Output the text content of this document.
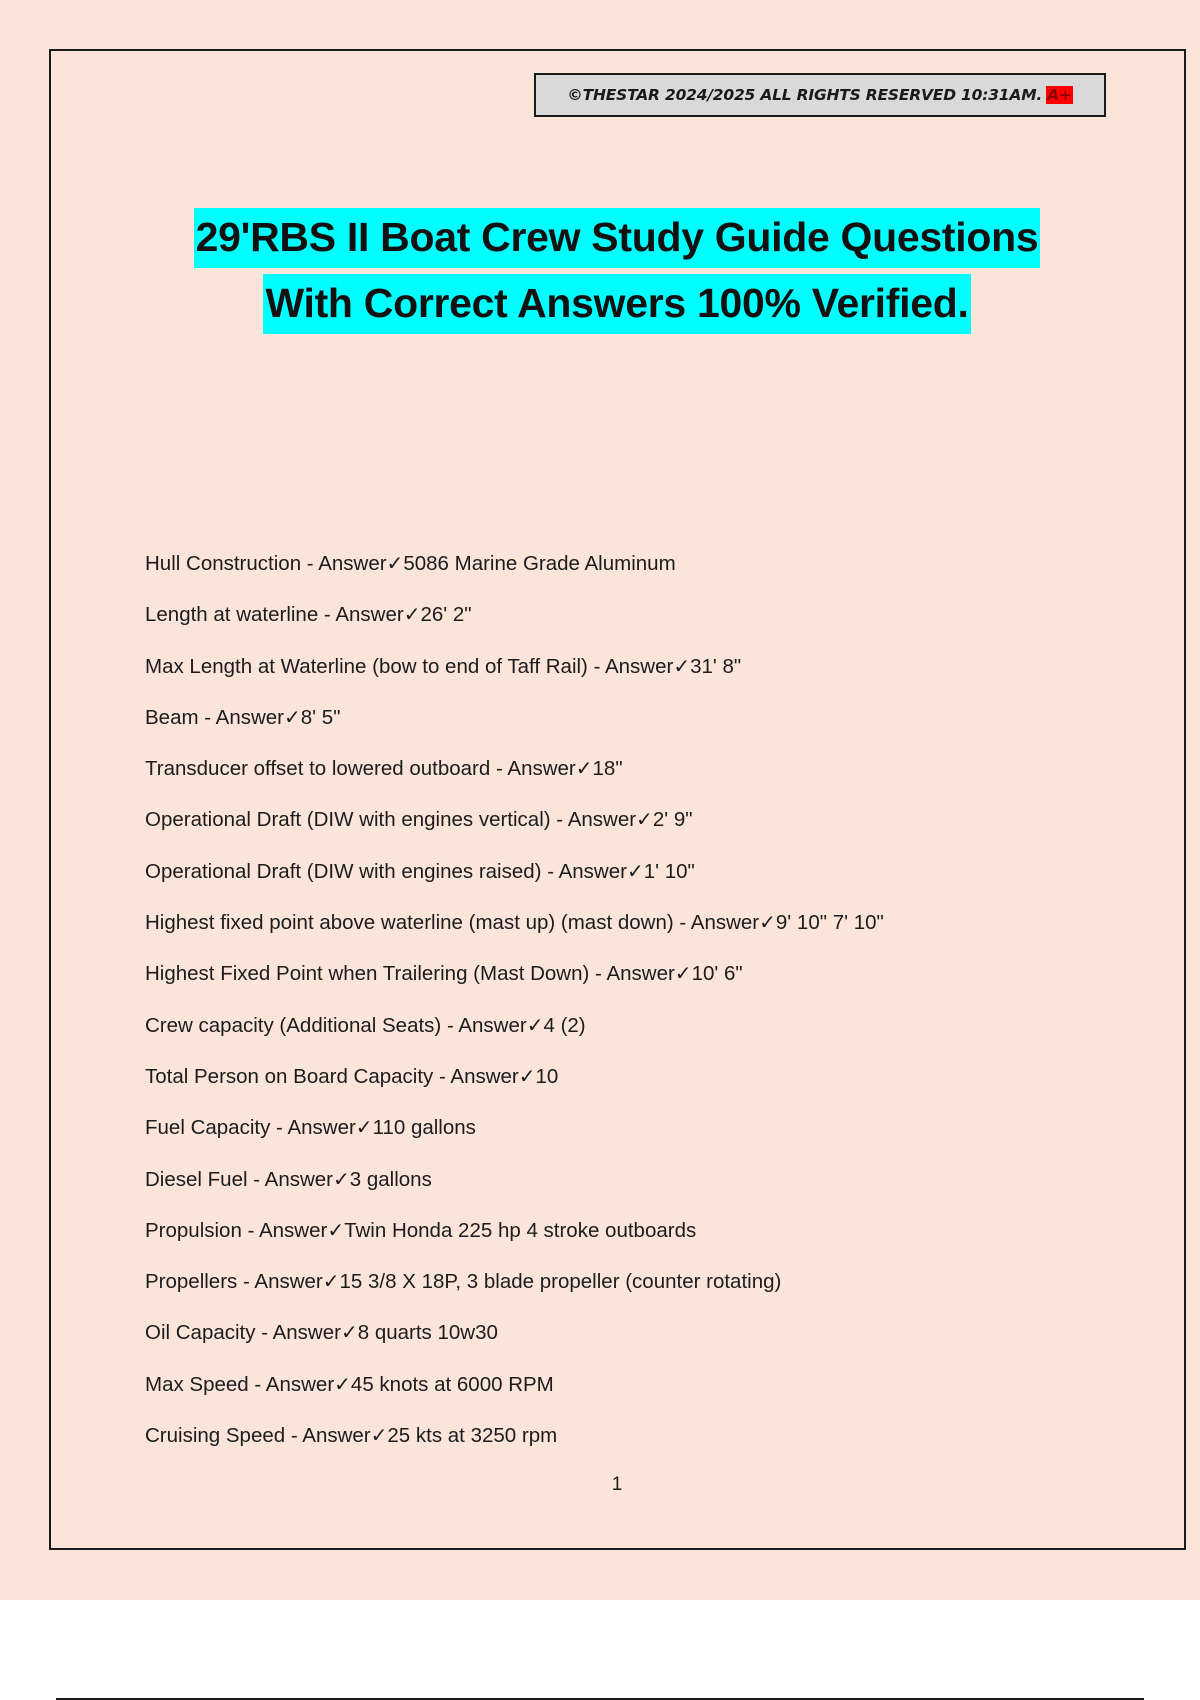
©THESTAR 2024/2025 ALL RIGHTS RESERVED 10:31AM. A+
29'RBS II Boat Crew Study Guide Questions
With Correct Answers 100% Verified.
Hull Construction - Answer✓5086 Marine Grade Aluminum
Length at waterline - Answer✓26' 2"
Max Length at Waterline (bow to end of Taff Rail) - Answer✓31' 8"
Beam - Answer✓8' 5"
Transducer offset to lowered outboard - Answer✓18"
Operational Draft (DIW with engines vertical) - Answer✓2' 9"
Operational Draft (DIW with engines raised) - Answer✓1' 10"
Highest fixed point above waterline (mast up) (mast down) - Answer✓9' 10" 7' 10"
Highest Fixed Point when Trailering (Mast Down) - Answer✓10' 6"
Crew capacity (Additional Seats) - Answer✓4 (2)
Total Person on Board Capacity - Answer✓10
Fuel Capacity - Answer✓110 gallons
Diesel Fuel - Answer✓3 gallons
Propulsion - Answer✓Twin Honda 225 hp 4 stroke outboards
Propellers - Answer✓15 3/8 X 18P, 3 blade propeller (counter rotating)
Oil Capacity - Answer✓8 quarts 10w30
Max Speed - Answer✓45 knots at 6000 RPM
Cruising Speed - Answer✓25 kts at 3250 rpm
1
